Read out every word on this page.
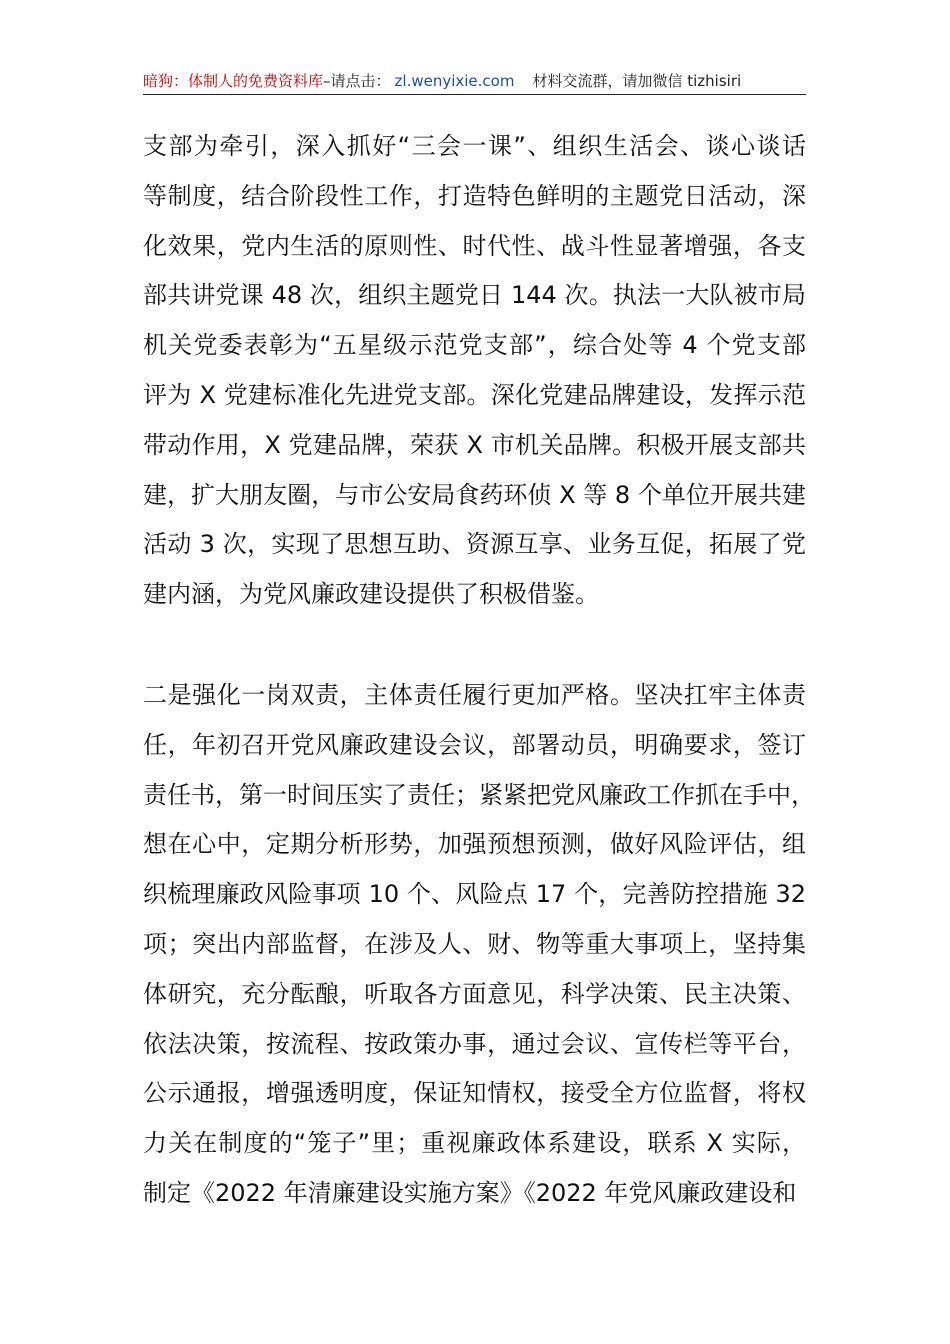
暗狗：体制人的免费资料库–请点击： zl.wenyixie.com 材料交流群，请加微信 tizhisiri
支部为牵引，深入抓好“三会一课”、组织生活会、谈心谈话
等制度，结合阶段性工作，打造特色鲜明的主题党日活动，深
化效果，党内生活的原则性、时代性、战斗性显著增强，各支
部共讲党课 48 次，组织主题党日 144 次。执法一大队被市局
机关党委表彰为“五星级示范党支部”，综合处等 4 个党支部
评为 X 党建标准化先进党支部。深化党建品牌建设，发挥示范
带动作用，X 党建品牌，荣获 X 市机关品牌。积极开展支部共
建，扩大朋友圈，与市公安局食药环侦 X 等 8 个单位开展共建
活动 3 次，实现了思想互助、资源互享、业务互促，拓展了党
建内涵，为党风廉政建设提供了积极借鉴。
二是强化一岗双责，主体责任履行更加严格。坚决扛牢主体责
任，年初召开党风廉政建设会议，部署动员，明确要求，签订
责任书，第一时间压实了责任；紧紧把党风廉政工作抓在手中，
想在心中，定期分析形势，加强预想预测，做好风险评估，组
织梳理廉政风险事项 10 个、风险点 17 个，完善防控措施 32
项；突出内部监督，在涉及人、财、物等重大事项上，坚持集
体研究，充分酝酿，听取各方面意见，科学决策、民主决策、
依法决策，按流程、按政策办事，通过会议、宣传栏等平台，
公示通报，增强透明度，保证知情权，接受全方位监督，将权
力关在制度的“笼子”里；重视廉政体系建设，联系 X 实际，
制定《2022 年清廉建设实施方案》《2022 年党风廉政建设和
